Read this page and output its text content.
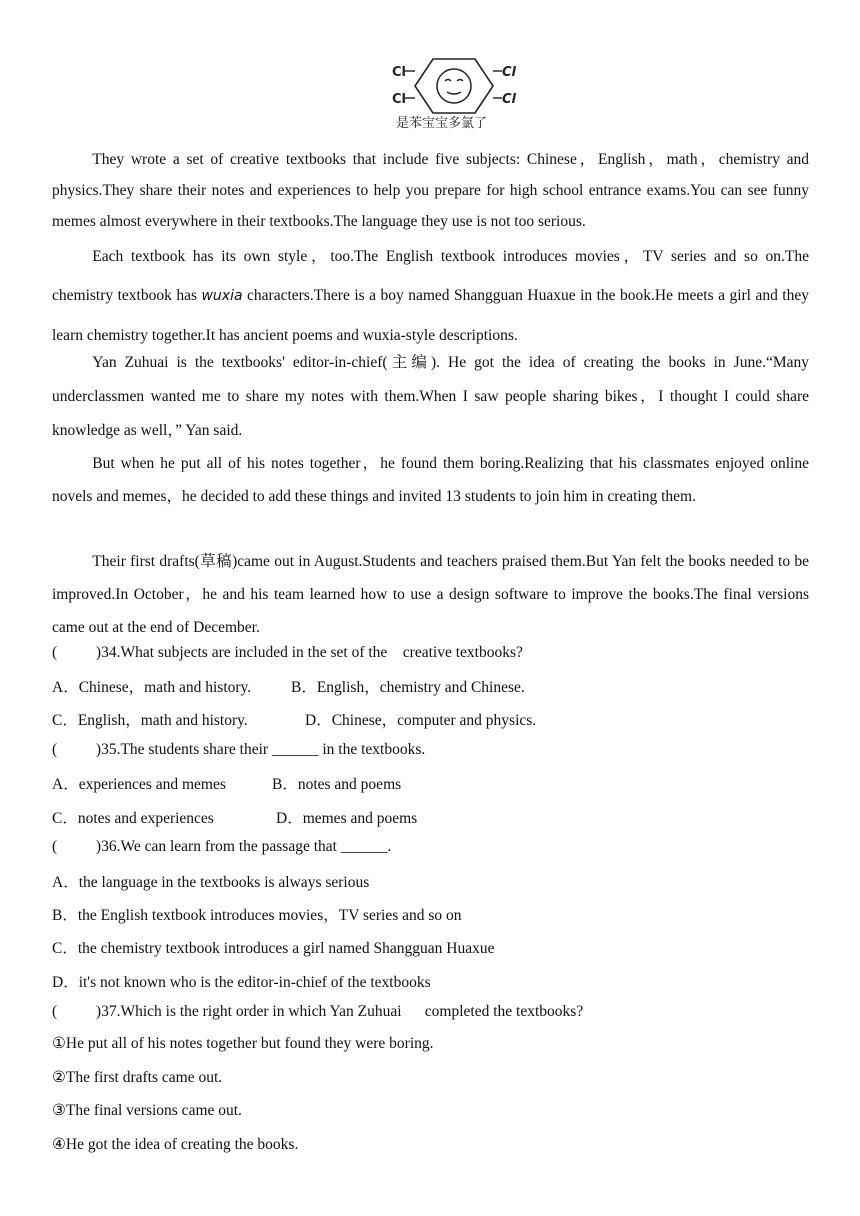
Cl
Cl
Cl
Cl
是苯宝宝多氯了

They wrote a set of creative textbooks that include five subjects: Chinese，English，math，chemistry and physics.They share their notes and experiences to help you prepare for high school entrance exams.You can see funny memes almost everywhere in their textbooks.The language they use is not too serious.

Each textbook has its own style，too.The English textbook introduces movies，TV series and so on.The chemistry textbook has wuxia characters.There is a boy named Shangguan Huaxue in the book.He meets a girl and they learn chemistry together.It has ancient poems and wuxia-style descriptions.

Yan Zuhuai is the textbooks' editor‐in‐chief(主编). He got the idea of creating the books in June.“Many underclassmen wanted me to share my notes with them.When I saw people sharing bikes，I thought I could share knowledge as well，” Yan said.

But when he put all of his notes together，he found them boring.Realizing that his classmates enjoyed online novels and memes，he decided to add these things and invited 13 students to join him in creating them.

Their first drafts(草稿)came out in August.Students and teachers praised them.But Yan felt the books needed to be improved.In October，he and his team learned how to use a design software to improve the books.The final versions came out at the end of December.

(          )34.What subjects are included in the set of the    creative textbooks?
A．Chinese，math and history.	B．English，chemistry and Chinese.
C．English，math and history.	D．Chinese，computer and physics.
(          )35.The students share their ______ in the textbooks.
A．experiences and memes	B．notes and poems
C．notes and experiences	D．memes and poems
(          )36.We can learn from the passage that ______.
A．the language in the textbooks is always serious
B．the English textbook introduces movies，TV series and so on
C．the chemistry textbook introduces a girl named Shangguan Huaxue
D．it's not known who is the editor‐in‐chief of the textbooks
(          )37.Which is the right order in which Yan Zuhuai      completed the textbooks?
①He put all of his notes together but found they were boring.
②The first drafts came out.
③The final versions came out.
④He got the idea of creating the books.
